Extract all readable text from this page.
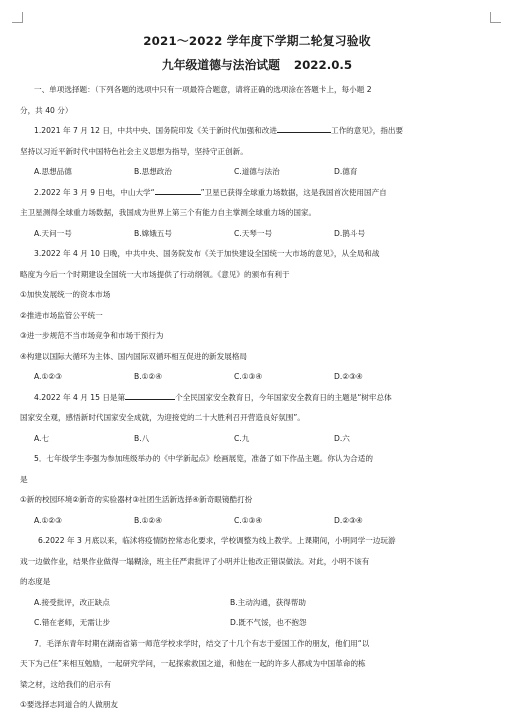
2021～2022 学年度下学期二轮复习验收
九年级道德与法治试题 2022.0.5
一、单项选择题：（下列各题的选项中只有一项最符合题意，请将正确的选项涂在答题卡上，每小题 2
分，共 40 分）
1.2021 年 7 月 12 日，中共中央、国务院印发《关于新时代加强和改进	工作的意见》，指出要
坚持以习近平新时代中国特色社会主义思想为指导，坚持守正创新。
A.思想品德	B.思想政治	C.道德与法治	D.德育
2.2022 年 3 月 9 日电，中山大学“	”卫星已获得全球重力场数据，这是我国首次使用国产自
主卫星测得全球重力场数据，我国成为世界上第三个有能力自主掌测全球重力场的国家。
A.天问一号	B.嫦娥五号	C.天琴一号	D.鹊斗号
3.2022 年 4 月 10 日晚，中共中央、国务院发布《关于加快建设全国统一大市场的意见》，从全局和战
略度为今后一个时期建设全国统一大市场提供了行动纲领。《意见》的颁布有利于
①加快发展统一的资本市场
②推进市场监管公平统一
③进一步规范不当市场竞争和市场干预行为
④构建以国际大循环为主体、国内国际双循环相互促进的新发展格局
A.①②③	B.①②④	C.①③④	D.②③④
4.2022 年 4 月 15 日是第	个全民国家安全教育日，今年国家安全教育日的主题是“树牢总体
国家安全观，感悟新时代国家安全成就，为迎接党的二十大胜利召开营造良好氛围”。
A.七	B.八	C.九	D.六
5．七年级学生李强为参加班级举办的《中学新起点》绘画展览，准备了如下作品主题。你认为合适的
是
①新的校园环境②新奇的实验器材③社团生活新选择④新奇眼镜酷打扮
A.①②③	B.①②④	C.①③④	D.②③④
6.2022 年 3 月底以来，临沭将疫情防控常态化要求，学校调整为线上教学。上课期间，小明同学一边玩游
戏一边做作业，结果作业做得一塌糊涂，班主任严肃批评了小明并让他改正错误做法。对此，小明不该有
的态度是
A.接受批评，改正缺点	B.主动沟通，获得帮助
C.错在老师，无需让步	D.既不气馁，也不抱怨
7．毛泽东青年时期在湖南省第一师范学校求学时，结交了十几个有志于爱国工作的朋友，他们用“以
天下为己任”来相互勉励，一起研究学问，一起探索救国之道，和他在一起的许多人都成为中国革命的栋
梁之材，这给我们的启示有
①要选择志同道合的人做朋友
